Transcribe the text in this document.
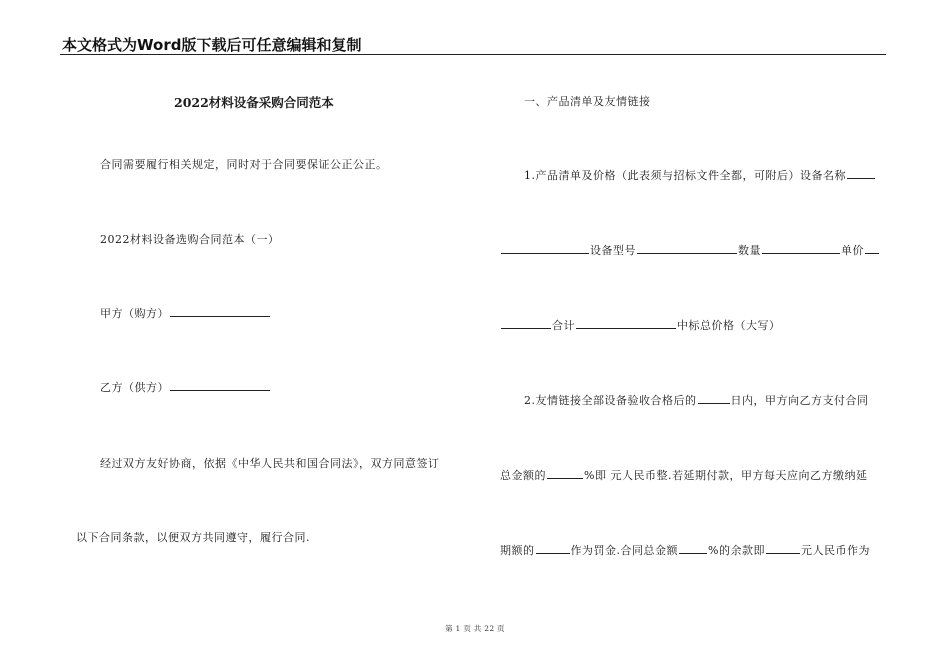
本文格式为Word版下载后可任意编辑和复制
2022材料设备采购合同范本
合同需要履行相关规定，同时对于合同要保证公正公正。
2022材料设备选购合同范本（一）
甲方（购方）
乙方（供方）
经过双方友好协商，依据《中华人民共和国合同法》，双方同意签订
以下合同条款，以便双方共同遵守，履行合同.
一、产品清单及友情链接
1.产品清单及价格（此表须与招标文件全都，可附后）设备名称
设备型号	数量	单价
合计	中标总价格（大写）
2.友情链接全部设备验收合格后的	日内，甲方向乙方支付合同
总金额的	%即 元人民币整.若延期付款，甲方每天应向乙方缴纳延
期额的	作为罚金.合同总金额	%的余款即	元人民币作为
第 1 页 共 22 页
